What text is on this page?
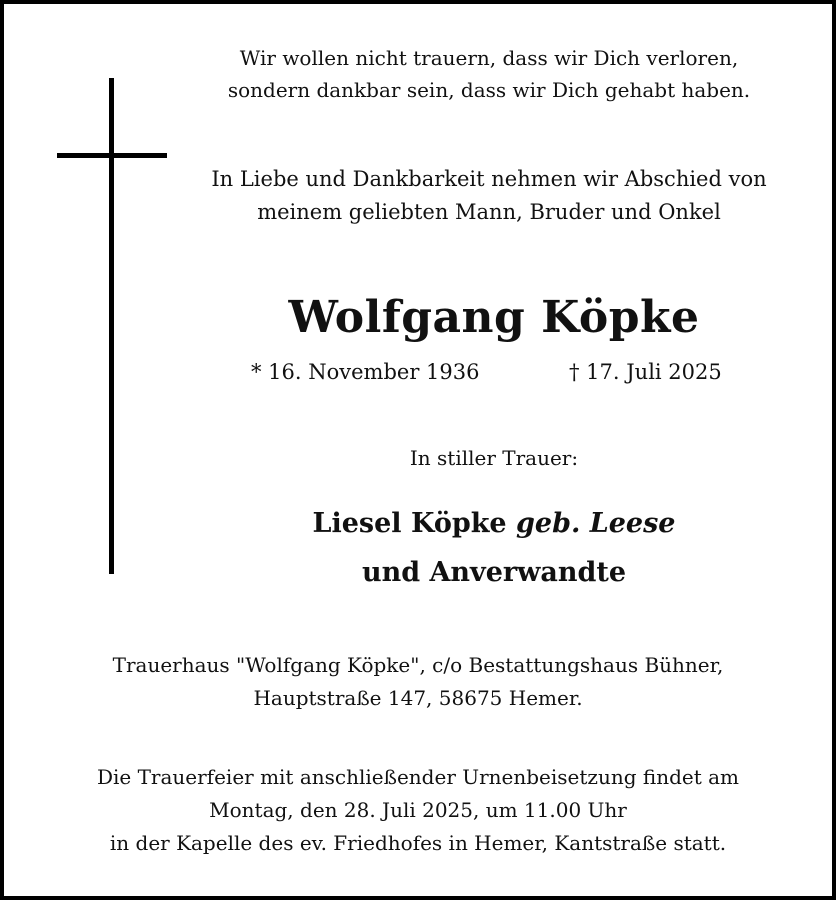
Wir wollen nicht trauern, dass wir Dich verloren,
sondern dankbar sein, dass wir Dich gehabt haben.
In Liebe und Dankbarkeit nehmen wir Abschied von
meinem geliebten Mann, Bruder und Onkel
Wolfgang Köpke
* 16. November 1936	† 17. Juli 2025
In stiller Trauer:
Liesel Köpke geb. Leese
und Anverwandte
Trauerhaus "Wolfgang Köpke", c/o Bestattungshaus Bühner,
Hauptstraße 147, 58675 Hemer.
Die Trauerfeier mit anschließender Urnenbeisetzung findet am
Montag, den 28. Juli 2025, um 11.00 Uhr
in der Kapelle des ev. Friedhofes in Hemer, Kantstraße statt.
